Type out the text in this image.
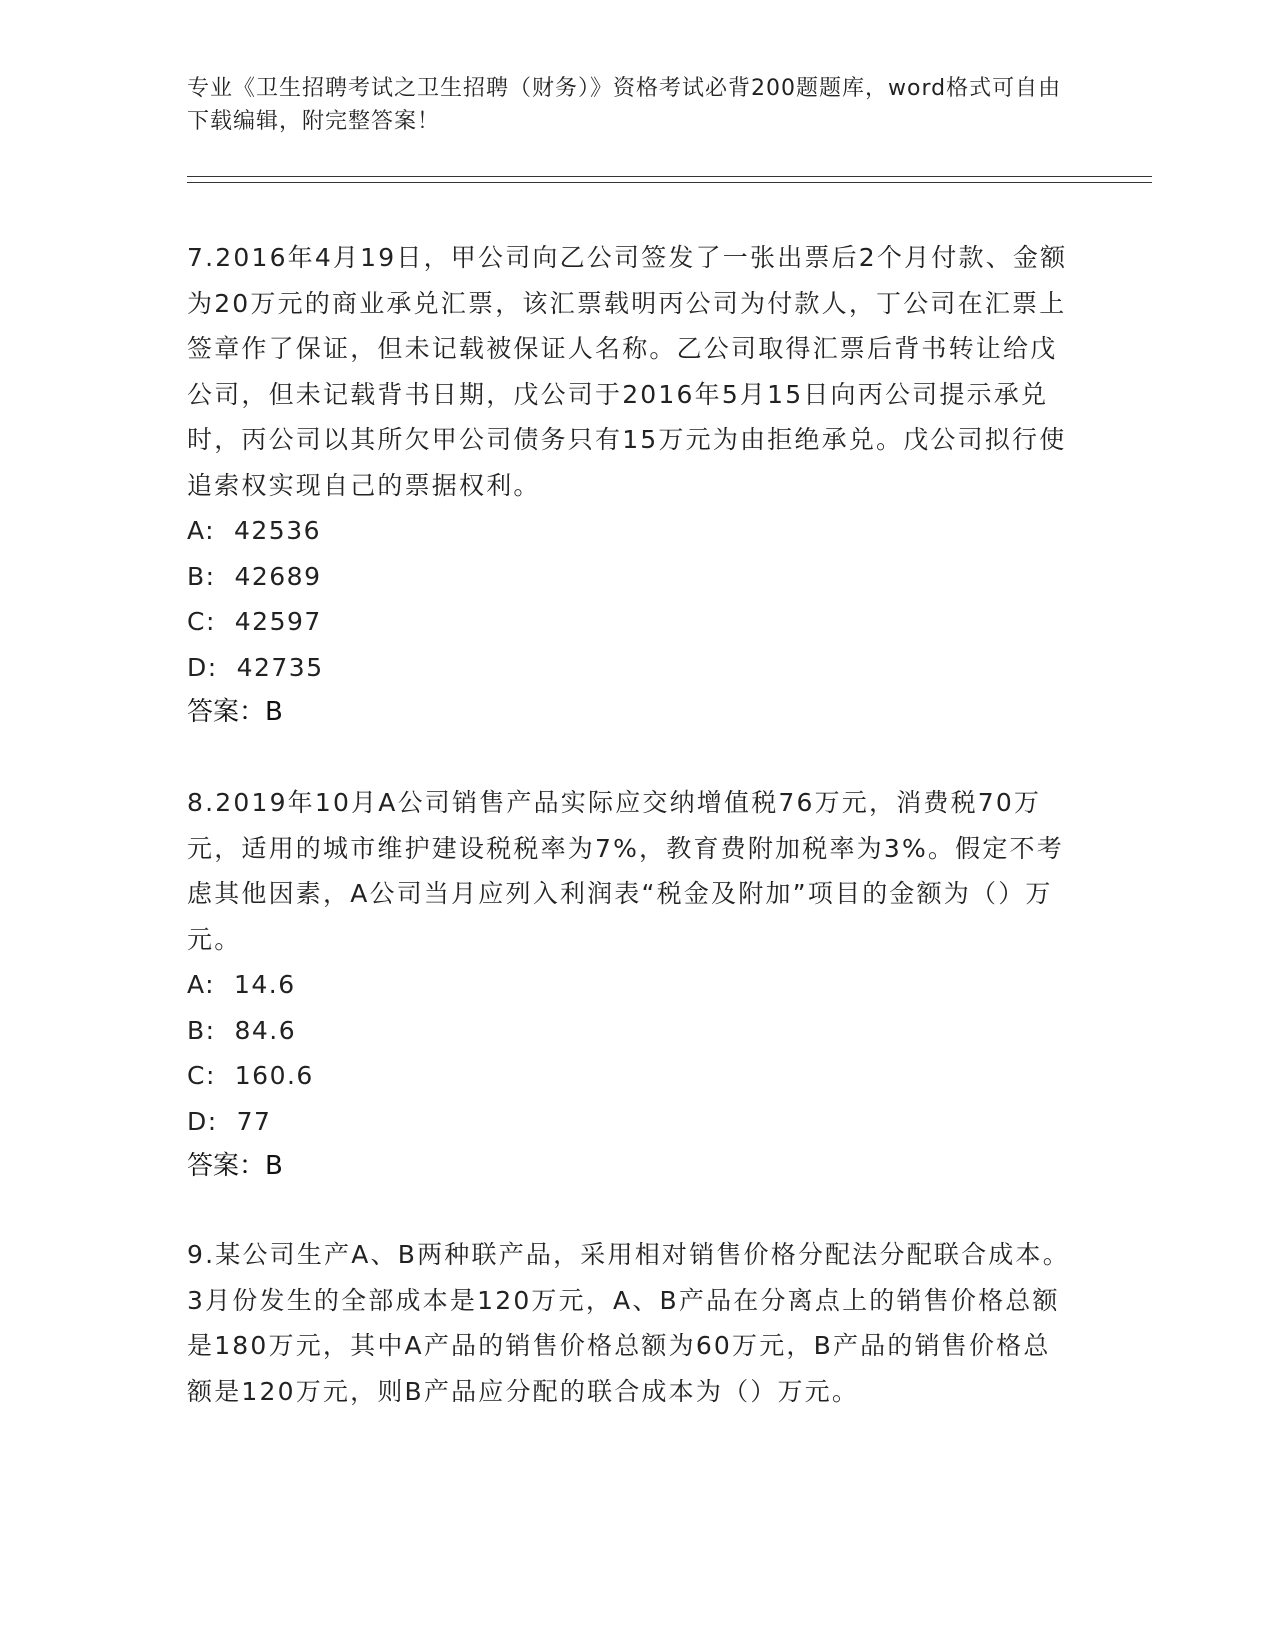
专业《卫生招聘考试之卫生招聘（财务）》资格考试必背200题题库，word格式可自由下载编辑，附完整答案！

7.2016年4月19日，甲公司向乙公司签发了一张出票后2个月付款、金额为20万元的商业承兑汇票，该汇票载明丙公司为付款人，丁公司在汇票上签章作了保证，但未记载被保证人名称。乙公司取得汇票后背书转让给戊公司，但未记载背书日期，戊公司于2016年5月15日向丙公司提示承兑时，丙公司以其所欠甲公司债务只有15万元为由拒绝承兑。戊公司拟行使追索权实现自己的票据权利。

A:  42536

B:  42689

C:  42597

D:  42735

答案：B

8.2019年10月A公司销售产品实际应交纳增值税76万元，消费税70万元，适用的城市维护建设税税率为7%，教育费附加税率为3%。假定不考虑其他因素，A公司当月应列入利润表“税金及附加”项目的金额为（）万元。

A:  14.6

B:  84.6

C:  160.6

D:  77

答案：B

9.某公司生产A、B两种联产品，采用相对销售价格分配法分配联合成本。3月份发生的全部成本是120万元，A、B产品在分离点上的销售价格总额是180万元，其中A产品的销售价格总额为60万元，B产品的销售价格总额是120万元，则B产品应分配的联合成本为（）万元。
